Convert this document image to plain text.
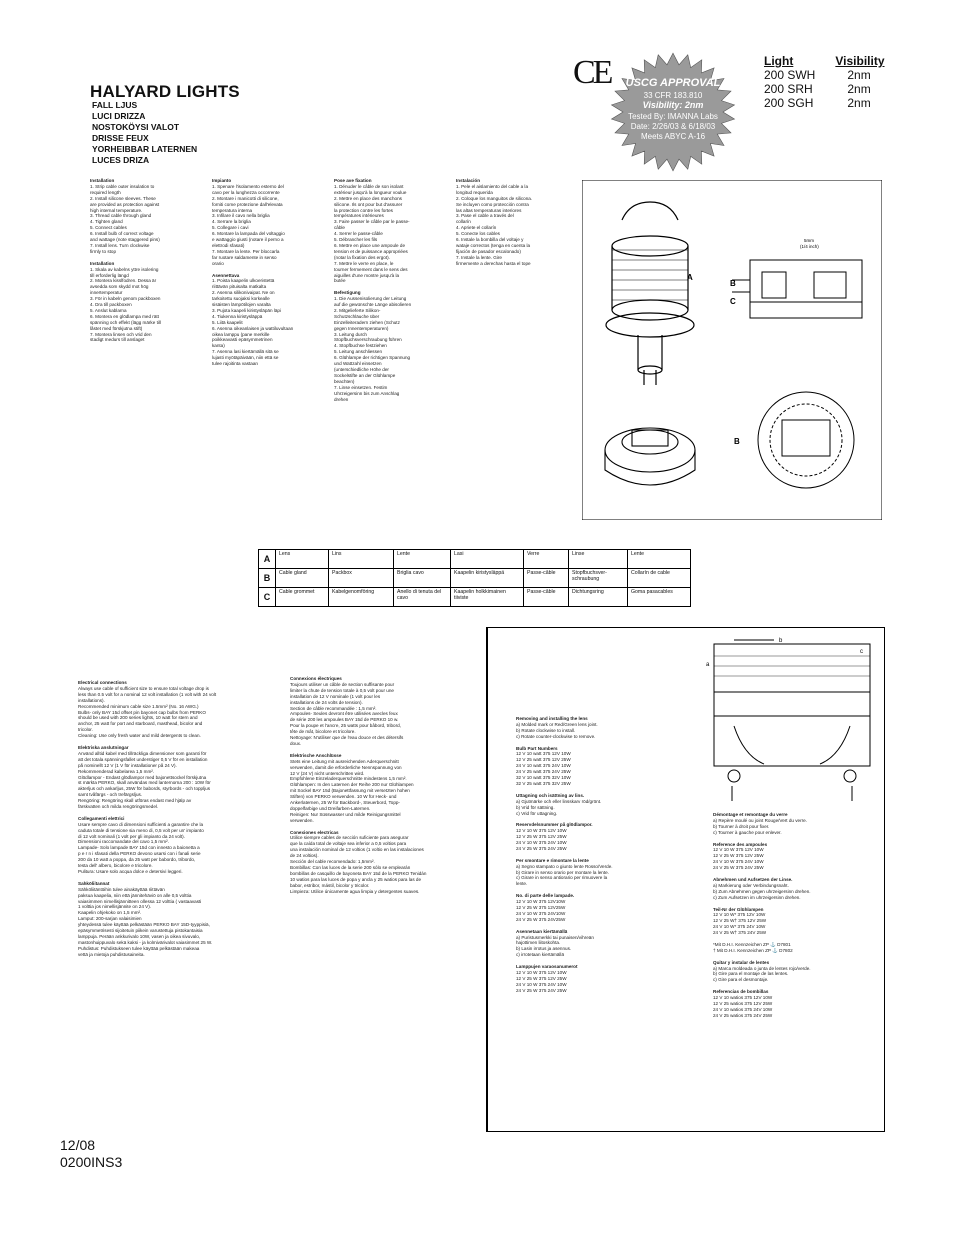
HALYARD LIGHTS
FALL LJUS
LUCI DRIZZA
NOSTOKÖYSI VALOT
DRISSE FEUX
YORHEIBBAR LATERNEN
LUCES DRIZA
CE USCG APPROVAL
33 CFR 183.810
Visibility: 2nm
Tested By: IMANNA Labs
Date: 2/26/03 & 6/18/03
Meets ABYC A-16
Light	Visibility
200 SWH	2nm
200 SRH	2nm
200 SGH	2nm
Installation
1. Strip cable outer insulation to
required length
2. Install silicone sleeves. These
are provided as protection against
high internal temperature.
3. Thread cable through gland
4. Tighten gland
5. Connect cables
6. Install bulb of correct voltage
and wattage (note staggered pins)
7. Install lens. Turn clockwise
firmly to stop

Installation
1. Skala av kabelns yttre isolering
till erforderlig längd
2. Montera kisslfodren. Dessa är
avsedda som skydd mot hög
innertemperatur
3. För in kabeln genom packboxen
4. Dra till packboxen
5. Anslut kablarna
6. Montera en glödlampa med rätt
spänning och effekt (lägg märke till
låstet med förskjutna stift)
7. Montera linsen och vrid den
stadigt medurs till anslaget
Impianto
1. Spenare l'isolamento esterno del
cavo per la lunghezza occorrente
2. Montare i manicotti di silicone,
forniti come protezione dall'elevata
temperatura interna
3. Infilare il cavo nella briglia
4. Serrare la briglia
5. Collegare i cavi
6. Montare la lampada del voltaggio
e wattaggio giusti (notare il perno a
elettrodi sfasati)
7. Montare la lente. Per bloccarla
far ruotare saldamente in senso
orario

Asennettava
1. Poista kaapelin ulkoeristettä
riittävän pituisalta matkalta
2. Asenna silikonivaipat. Ne on
tarkoitettu suojaksi korkealle
sisäisten lämpötilojen varalta
3. Pujota kaapeli kiristysläpän läpi
4. Tiukenna kiristysläppä
5. Liitä kaapelit
6. Asenna oikeanlaisen ja wattiluvultaan
oikea lamppu (pane merkille
poikkeavasti epäsymmetrinen
kanta)
7. Asenna lasi kiertämällä sitä se
lujasti myötäpäivään, niin että se
tulee rajoitinta vastaan
Pose ave fixation
1. Dénuder le câble de son isolant
extérieur jusqu'à la longueur voulue
2. Mettre en place des manchons
silicone. Ils ont pour but d'assurer
la protection contre les fortes
températures intérieures
3. Faire passer le câble par le passe-
câble
4. Serrer le passe-câble
5. Débrancher les fils
6. Mettre en place une ampoule de
tension et de puissance appropriées
(notar la fixation des ergot).
7. Mettre le verre en place, le
tourner fermement dans le sens des
aiguilles d'une montre jusqu'à la
butée

Befestigung
1. Die Aussenisolierung der Leitung
auf die gewünschte Länge abisolieren
2. Mitgelieferte Silikon-
Schutzschläuche über
Einzelleiteradern ziehen (Schutz
gegen Innentemperaturen)
3. Leitung durch
Stopfbuchsverschraubung führen
4. Stopfbuchse festziehen
5. Leitung anschliessen
6. Glühlampe der richtigen Spannung
und Wattzahl einsetzen
(unterschiedliche Höhe der
Sockelstifte an der Glühlampe
beachten)
7. Linse einsetzen. Festim
Uhrzeigersinn bis zum Anschlag
drehen
Instalación
1. Pele el aislamiento del cable a la
longitud requerida
2. Coloque los manguitos de silicona.
Se incluyen como protección contra
las altas temperaturas interiores
3. Pase el cable a través del
collarín
4. Apriete el collarín
5. Conecte los cables
6. Instale la bombilla del voltaje y
wataje correctos (tenga en cuenta la
fijación de pasador escalonado)
7. Instale la lente. Gire
firmemente a derechas hasta el tope
A
B
C
B
5mm
(1/4 inch)
A	Lens	Lins	Lente	Lasi	Verre	Linse	Lente
B	Cable gland	Packbox	Briglia cavo	Kaapelin kiristysläppä	Passe-câble	Stopfbuchsver-schraubung	Collarín de cable
C	Cable grommet	Kabelgenomföring	Anello di tenuta del cavo	Kaapelin holkkimainen tiiviste	Passe-câble	Dichtungsring	Goma pasacables
Electrical connections
Always use cable of sufficient size to ensure total voltage drop is
less than 0.5 volt for a nominal 12 volt installation (1 volt with 24 volt
installations).
Recommended minimum cable size 1.5mm² (No. 16 AWG.)
Bulbs- only BAY 15d offset pin bayonet cap bulbs from PERKO
should be used with 200 series lights, 10 watt for stern and
anchor, 25 watt for port and starboard, masthead, bicolor and
tricolor.
Cleaning: Use only fresh water and mild detergents to clean.

Elektriska anslutningar
Använd alltid kabel med tillräckliga dimensioner som garanti för
att det totala spänningsfallet understiger 0,5 V för en installation
på nominellt 12 V (1 V för installationer på 24 V).
Rekommenderad kabelarea 1,5 mm².
Glödlampor - Endast glödlampor med bajonettsockel förskjutna
st märkta PERKO, skall användas med lanternorna 200 : 10W för
akterljus och ankarljus, 25W för babords, styrbords - och toppljus
samt tvåfärgs - och trefärgsljus.
Rengöring: Rengöring skall utföras endast med hjälp av
färskvatten och milda rengöringsmedel.

Collegamenti elettrici
Usare sempre cavo di dimensioni sufficienti a garantire che la
caduta totale di tensione sia meno di, 0,5 volt per un' impianto
di 12 volt nominali (1 volt per gli impianto da 24 volt).
Dimensioni raccomandate del cavo 1,5 mm².
Lampade- Solo lampade BAY 15d con innesto a baionetta a
p e r n i sfasati della PERKO devono usarsi con i fanali serie
200 da 10 watt a poppa, da 25 watt per babordo, tribordo,
testa dell' albero, bicolore e tricolore.
Pulitura: Usare solo acqua dolce e detersivi leggeri.

Sahköliitannat
Sähköliitäntöihin tulee ainakäyttää riittävän
paksua kaapelia, niin että jännitehäviö on alle 0,5 volttia
vaiasimmen nimellisjännitteen ollessa 12 volttia ( vastaavasti
1 volttia jos nimellisjännite on 24 V).
Kaapelin ohjekoko on 1,5 mm².
Lamput: 200-sarjan valaisimien
yhteydessä tulee käyttää pelkästään PERKO BAY 15D-tyyppisiä,
epäsymmetrisesti sijoitetuin piikein varustettuja pistokantaisia
lamppuja. Perään ankkurivalo 10W, vasen ja oikea sivuvalo,
mastonhuippuvalo sekä kaksi - ja kolmivärivalot vaiasimmet 25 W.
Puhdistus: Puhdistukseen tulee käyttää pelkästään makeaa
vettä ja mietoja puhdistusaineita.
Connexions électriques
Toujours utiliser un câble de section suffisante pour
limiter la chute de tension totale à 0,5 volt pour une
installation de 12 V nominale (1 volt pour les
installations de 24 volts de tension).
Section de câble recommandée : 1,5 mm².
Ampoules- Seules devront être utilisées avecles feux
de série 200 les ampoules BAY 15d de PERKO 10 w.
Pour la poupe et l'ancre, 25 watts pour bâbord, tribord,
tête de mât, bicolore et tricolore.
Nettoyage: N'utiliser que de l'eau douce et des détersifs
doux.

Elektrische Anschlüsse
Stets eine Leitung mit ausreichenden Aderquerschnitt
verwenden, damit die erforderliche Nennspannung von
12 V (24 V) nicht unterschritten wird.
Empfohlene Einzeladerquerschnitte mindestens 1,5 mm².
Glühlampen: In den Laternen der Reihe 200 nur Glühlampen
mit Sockel BAY 15d (Bajonettfassung mit versetzten hohen
Stiften) von PERKO verwenden. 10 W für Heck- und
Ankerlaternen, 25 W für Backbord-, Steuerbord, Topp-
doppelfarbige und Dreifarben-Laternen.
Reinigen: Nur Süsswasser und milde Reinigungsmittel
verwenden.

Conexiones electricas
Utilice siempre cables de sección suficiente para asegurar
que la caída total de voltaje sea inferior a 0,5 voltios para
una instalación nominal de 12 voltios (1 voltio en las instalaciones
de 24 voltios).
Sección del cable recomendado: 1,5mm².
Bombillas: Con las luces de la serie 200 sólo se emplearán
bombillas de casquillo de bayoneta BAY 15d de la PERKO Tenidán
10 watios para las luces de popa y ancla y 25 watios para las de
babor, estribor, mástil, bicolor y tricolor.
Limpieza: Utilice únicamente agua limpia y detergentes suaves.
Removing and installing the lens
a) Molded mark or Red/Green lens joint.
b) Rotate clockwise to install.
c) Rotate counter-clockwise to remove.

Bulb Part Numbers
12 V 10 watt 375 12V 10W
12 V 25 watt 375 12V 25W
24 V 10 watt 375 24V 10W
24 V 25 watt 375 24V 25W
32 V 10 watt 375 32V 10W
32 V 25 watt 375 32V 25W

Uttagning och isättning av lins.
a) Gjutmärke och eller linsskarv röd/grönt.
b) Vrid för sättning.
c) Vrid för uttagning.

Reservdelsnummer på glödlampor.
12 V 10 W 375 12V 10W
12 V 25 W 375 12V 25W
24 V 10 W 375 24V 10W
24 V 25 W 375 24V 25W

Per smontare e rimontare la lente
a) Segno stampato o giunto lente Rosso/Verde.
b) Girare in senso orario per montare la lente.
c) Girare in senso antiorario per rimuovere la
lente.

No. di parte delle lampade.
12 V 10 W 375 12V10W
12 V 25 W 375 12V25W
24 V 10 W 375 24V10W
24 V 25 W 375 24V25W

Asennetaan kiertämällä
a) Puristusmerkki tai punaisen/vihreän
hajottimen liitoskohta.
b) Lasin irrotus ja asennus.
c) irrotetaan kiertämällä

Lamppujen varaosanumerot
12 V 10 W 375 12V 10W
12 V 25 W 375 12V 25W
24 V 10 W 375 24V 10W
24 V 25 W 375 24V 25W
Démontage et remontage du verre
a) Repère moulé ou joint Rouge/Vert du verre.
b) Tourner à droit pour fixer.
c) Tourner à gauche pour enlever.

Reference des ampoules
12 V 10 W 375 12V 10W
12 V 25 W 375 12V 25W
24 V 10 W 375 24V 10W
24 V 25 W 375 24V 25W

Abnehmen und Aufsetzen der Linse.
a) Markierung oder Verbindungsnaht.
b) Zum Abnehmen gegen uhrzeigersinn drehen.
c) Zum Aufsetzen im uhrzeigersinn drehen.

Teil-Nr der Glühlampen
12 V 10 W* 375 12V 10W
12 V 25 W† 375 12V 25W
24 V 10 W* 375 24V 10W
24 V 25 W† 375 24V 25W

*Mit D.H.I. Kennzeichen ZP ⚓ D7801
† Mit D.H.I. Kennzeichen ZP ⚓ D7802

Quitar y instalar de lentes
a) Marca moldeada o junta de lentes rojo/verde.
b) Gire para el montaje de las lentes.
c) Gire para el desmontaje.

Referencias de bombillas
12 V 10 watios 375 12V 10W
12 V 25 watios 375 12V 25W
24 V 10 watios 375 24V 10W
24 V 25 watios 375 24V 25W
b
c
a
12/08
0200INS3
